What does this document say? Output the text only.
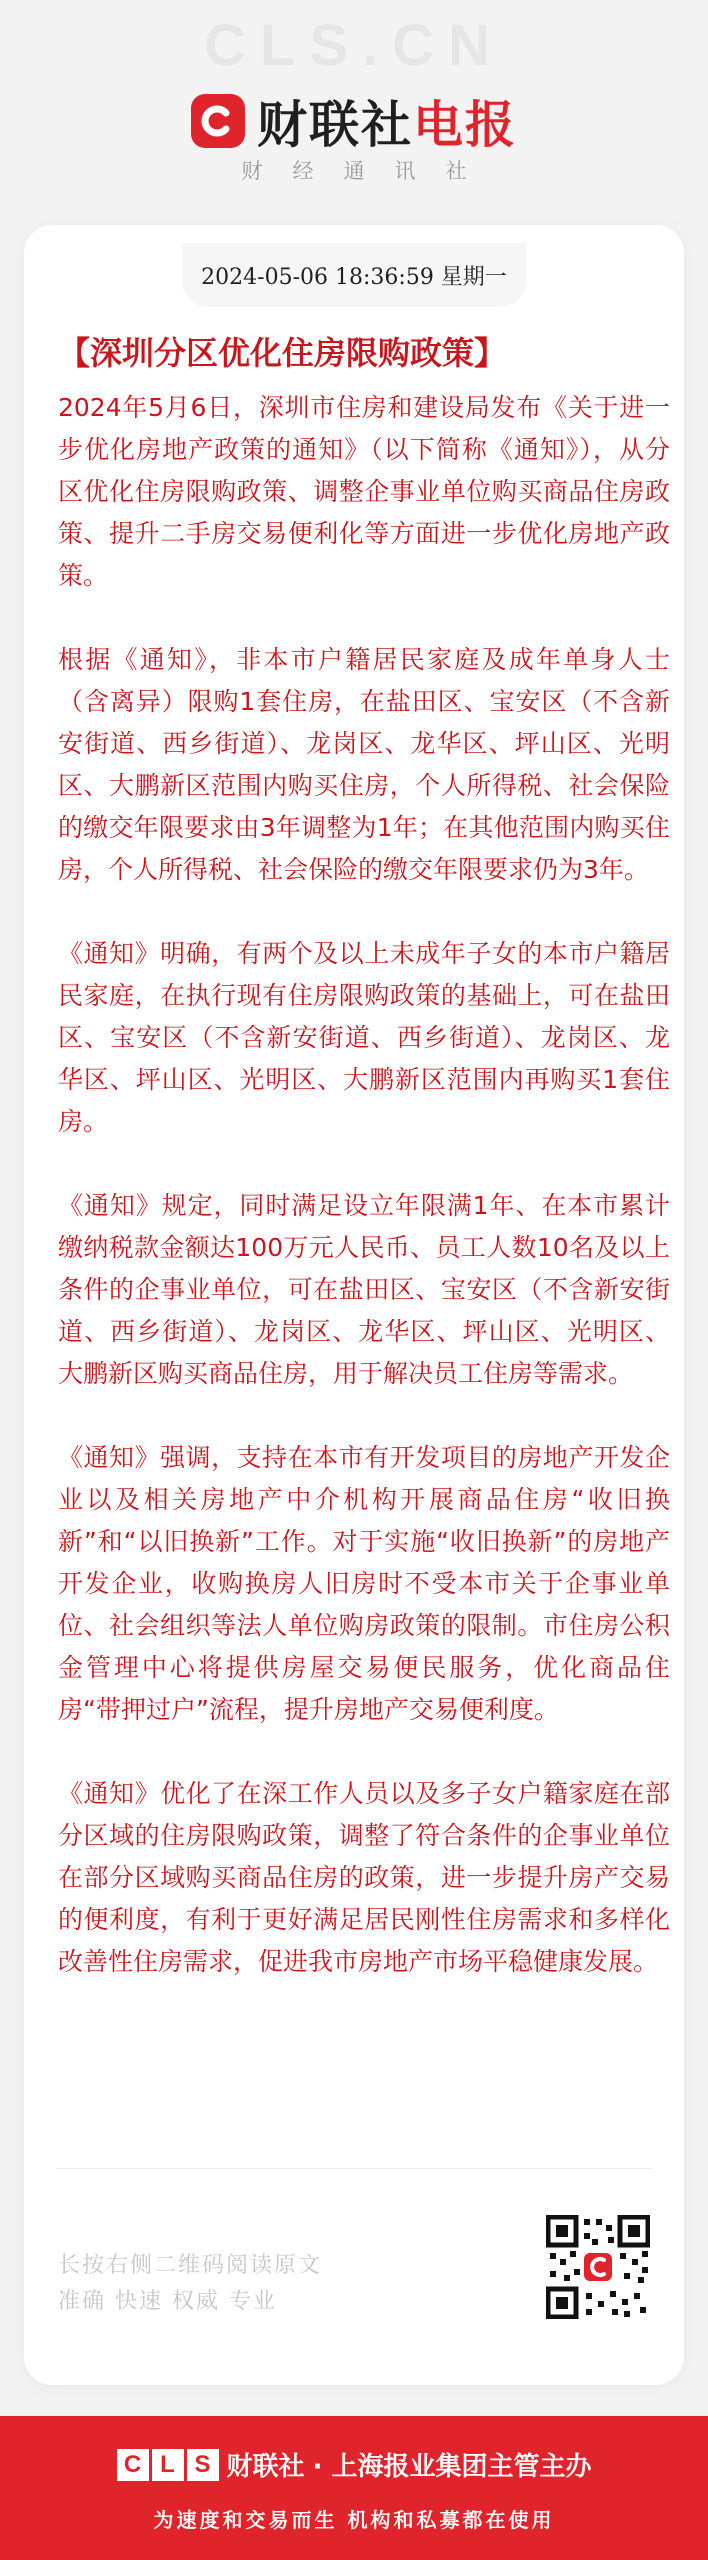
CLS.CN
财联社电报
财经通讯社
2024-05-06 18:36:59 星期一
【深圳分区优化住房限购政策】

2024年5月6日，深圳市住房和建设局发布《关于进一步优化房地产政策的通知》（以下简称《通知》），从分区优化住房限购政策、调整企事业单位购买商品住房政策、提升二手房交易便利化等方面进一步优化房地产政策。

根据《通知》，非本市户籍居民家庭及成年单身人士（含离异）限购1套住房，在盐田区、宝安区（不含新安街道、西乡街道）、龙岗区、龙华区、坪山区、光明区、大鹏新区范围内购买住房，个人所得税、社会保险的缴交年限要求由3年调整为1年；在其他范围内购买住房，个人所得税、社会保险的缴交年限要求仍为3年。

《通知》明确，有两个及以上未成年子女的本市户籍居民家庭，在执行现有住房限购政策的基础上，可在盐田区、宝安区（不含新安街道、西乡街道）、龙岗区、龙华区、坪山区、光明区、大鹏新区范围内再购买1套住房。

《通知》规定，同时满足设立年限满1年、在本市累计缴纳税款金额达100万元人民币、员工人数10名及以上条件的企事业单位，可在盐田区、宝安区（不含新安街道、西乡街道）、龙岗区、龙华区、坪山区、光明区、大鹏新区购买商品住房，用于解决员工住房等需求。

《通知》强调，支持在本市有开发项目的房地产开发企业以及相关房地产中介机构开展商品住房“收旧换新”和“以旧换新”工作。对于实施“收旧换新”的房地产开发企业，收购换房人旧房时不受本市关于企事业单位、社会组织等法人单位购房政策的限制。市住房公积金管理中心将提供房屋交易便民服务，优化商品住房“带押过户”流程，提升房地产交易便利度。

《通知》优化了在深工作人员以及多子女户籍家庭在部分区域的住房限购政策，调整了符合条件的企事业单位在部分区域购买商品住房的政策，进一步提升房产交易的便利度，有利于更好满足居民刚性住房需求和多样化改善性住房需求，促进我市房地产市场平稳健康发展。

长按右侧二维码阅读原文
准确 快速 权威 专业
C L S 财联社 · 上海报业集团主管主办
为速度和交易而生 机构和私募都在使用
